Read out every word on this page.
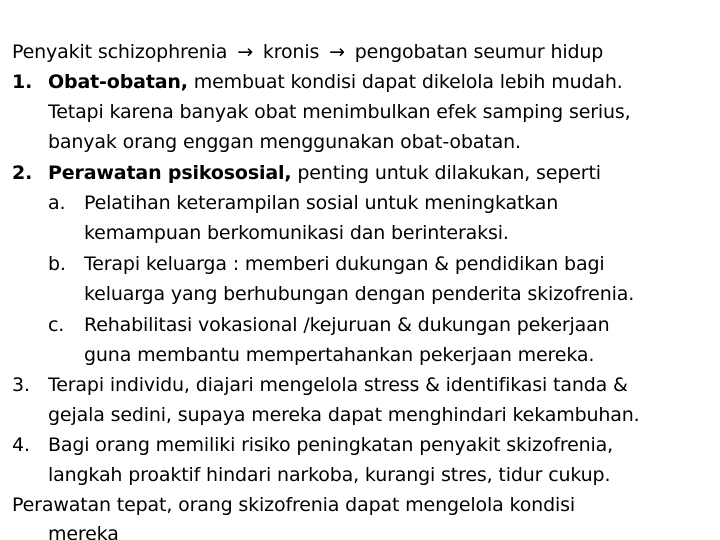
Penyakit schizophrenia → kronis → pengobatan seumur hidup
1. Obat-obatan, membuat kondisi dapat dikelola lebih mudah.
Tetapi karena banyak obat menimbulkan efek samping serius,
banyak orang enggan menggunakan obat-obatan.
2. Perawatan psikososial, penting untuk dilakukan, seperti
a. Pelatihan keterampilan sosial untuk meningkatkan
kemampuan berkomunikasi dan berinteraksi.
b. Terapi keluarga : memberi dukungan & pendidikan bagi
keluarga yang berhubungan dengan penderita skizofrenia.
c. Rehabilitasi vokasional /kejuruan & dukungan pekerjaan
guna membantu mempertahankan pekerjaan mereka.
3. Terapi individu, diajari mengelola stress & identifikasi tanda &
gejala sedini, supaya mereka dapat menghindari kekambuhan.
4. Bagi orang memiliki risiko peningkatan penyakit skizofrenia,
langkah proaktif hindari narkoba, kurangi stres, tidur cukup.
Perawatan tepat, orang skizofrenia dapat mengelola kondisi
mereka
